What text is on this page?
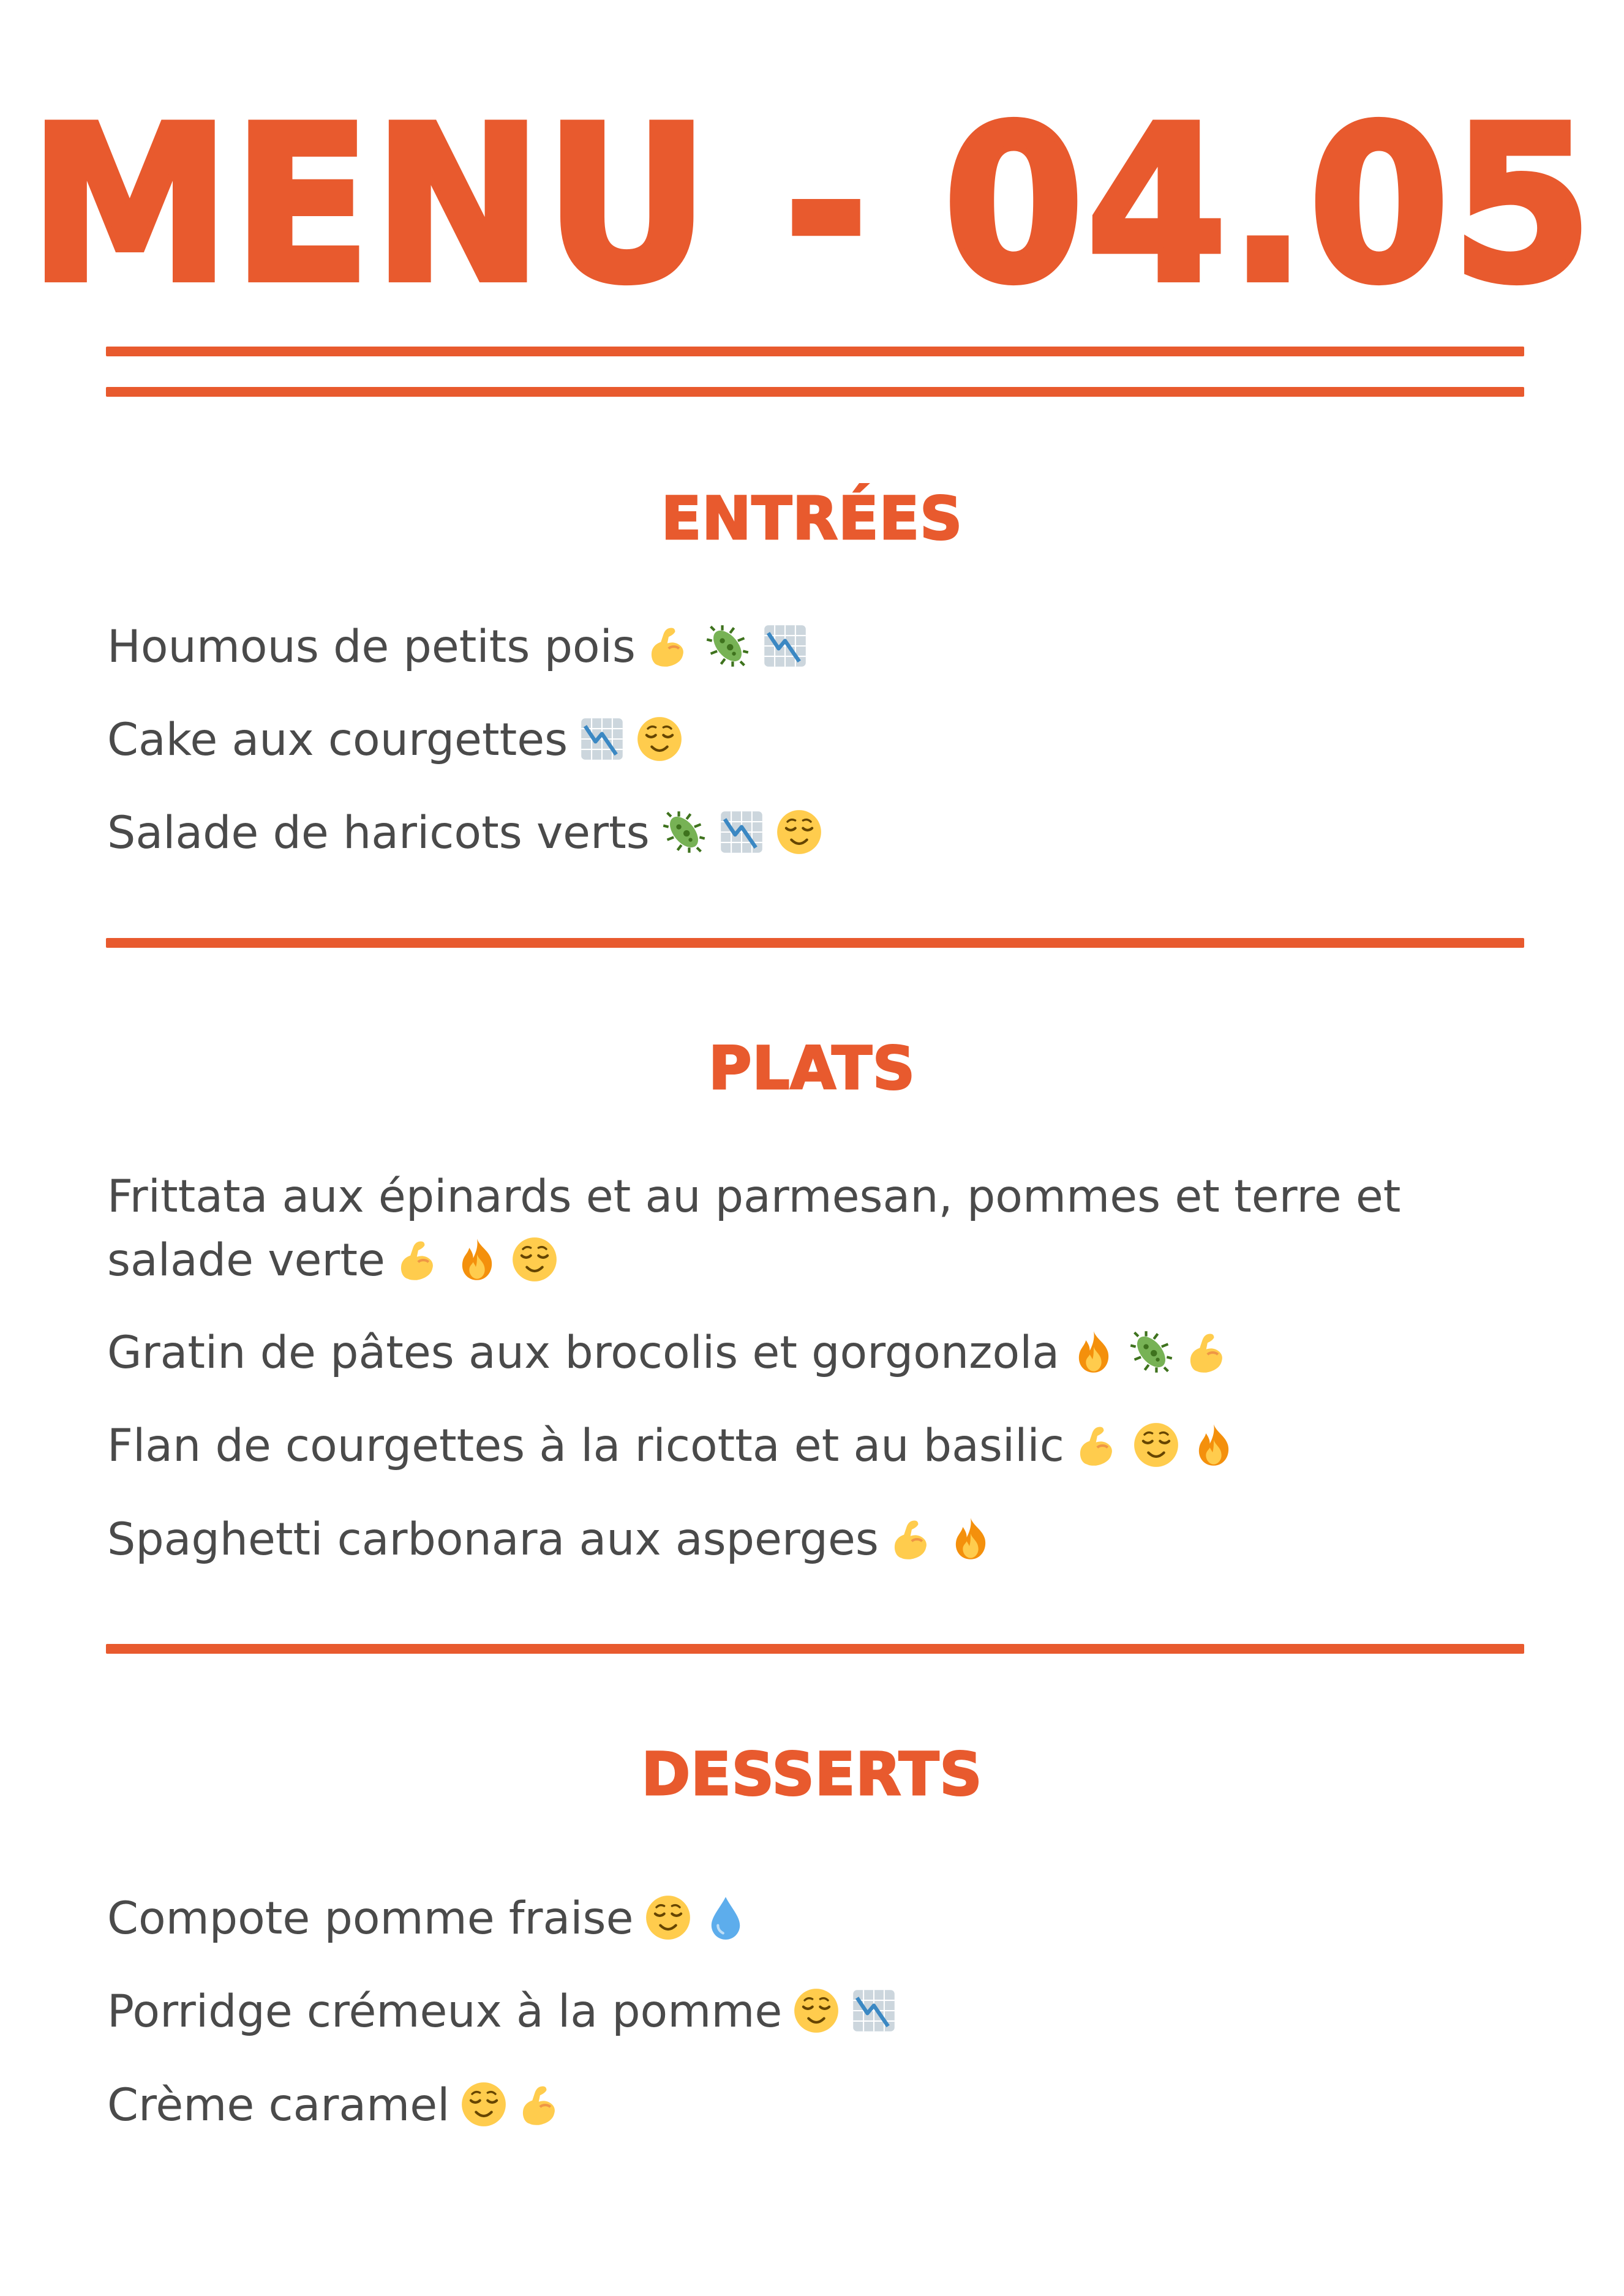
MENU - 04.05
ENTRÉES
Houmous de petits pois
Cake aux courgettes
Salade de haricots verts
PLATS
Frittata aux épinards et au parmesan, pommes et terre et salade verte
Gratin de pâtes aux brocolis et gorgonzola
Flan de courgettes à la ricotta et au basilic
Spaghetti carbonara aux asperges
DESSERTS
Compote pomme fraise
Porridge crémeux à la pomme
Crème caramel
